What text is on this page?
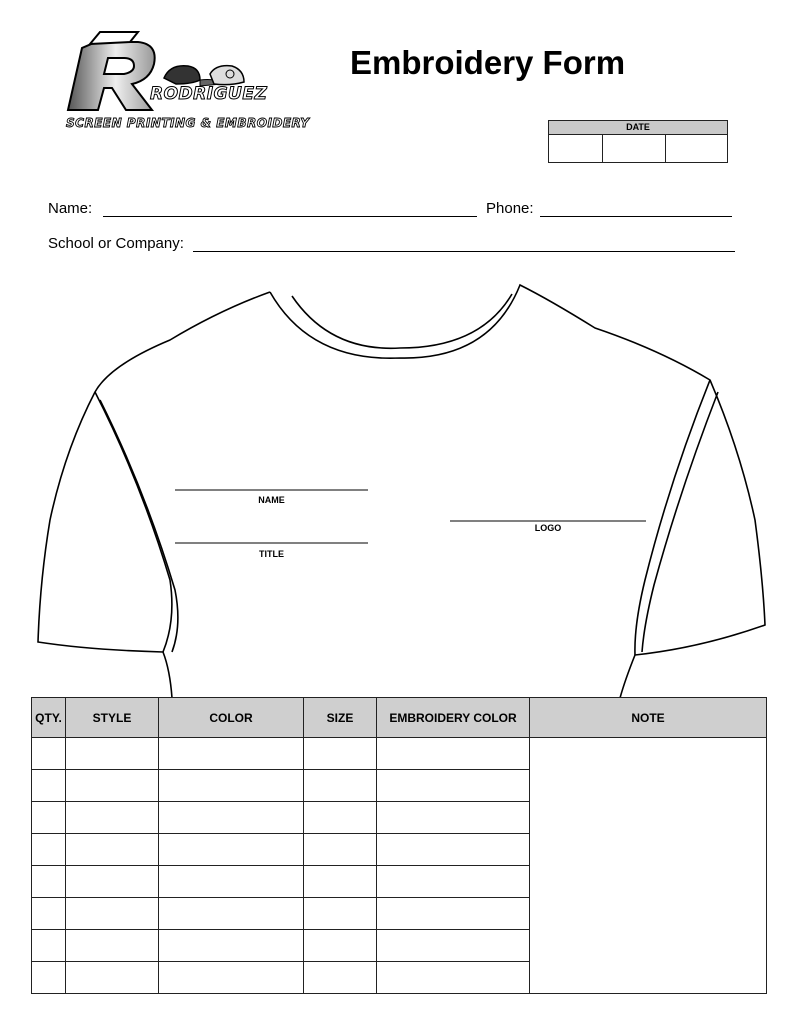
RODRIGUEZ
SCREEN PRINTING & EMBROIDERY
Embroidery Form
DATE
Name:	Phone:
School or Company:
NAME
TITLE
LOGO
QTY.	STYLE	COLOR	SIZE	EMBROIDERY COLOR	NOTE
